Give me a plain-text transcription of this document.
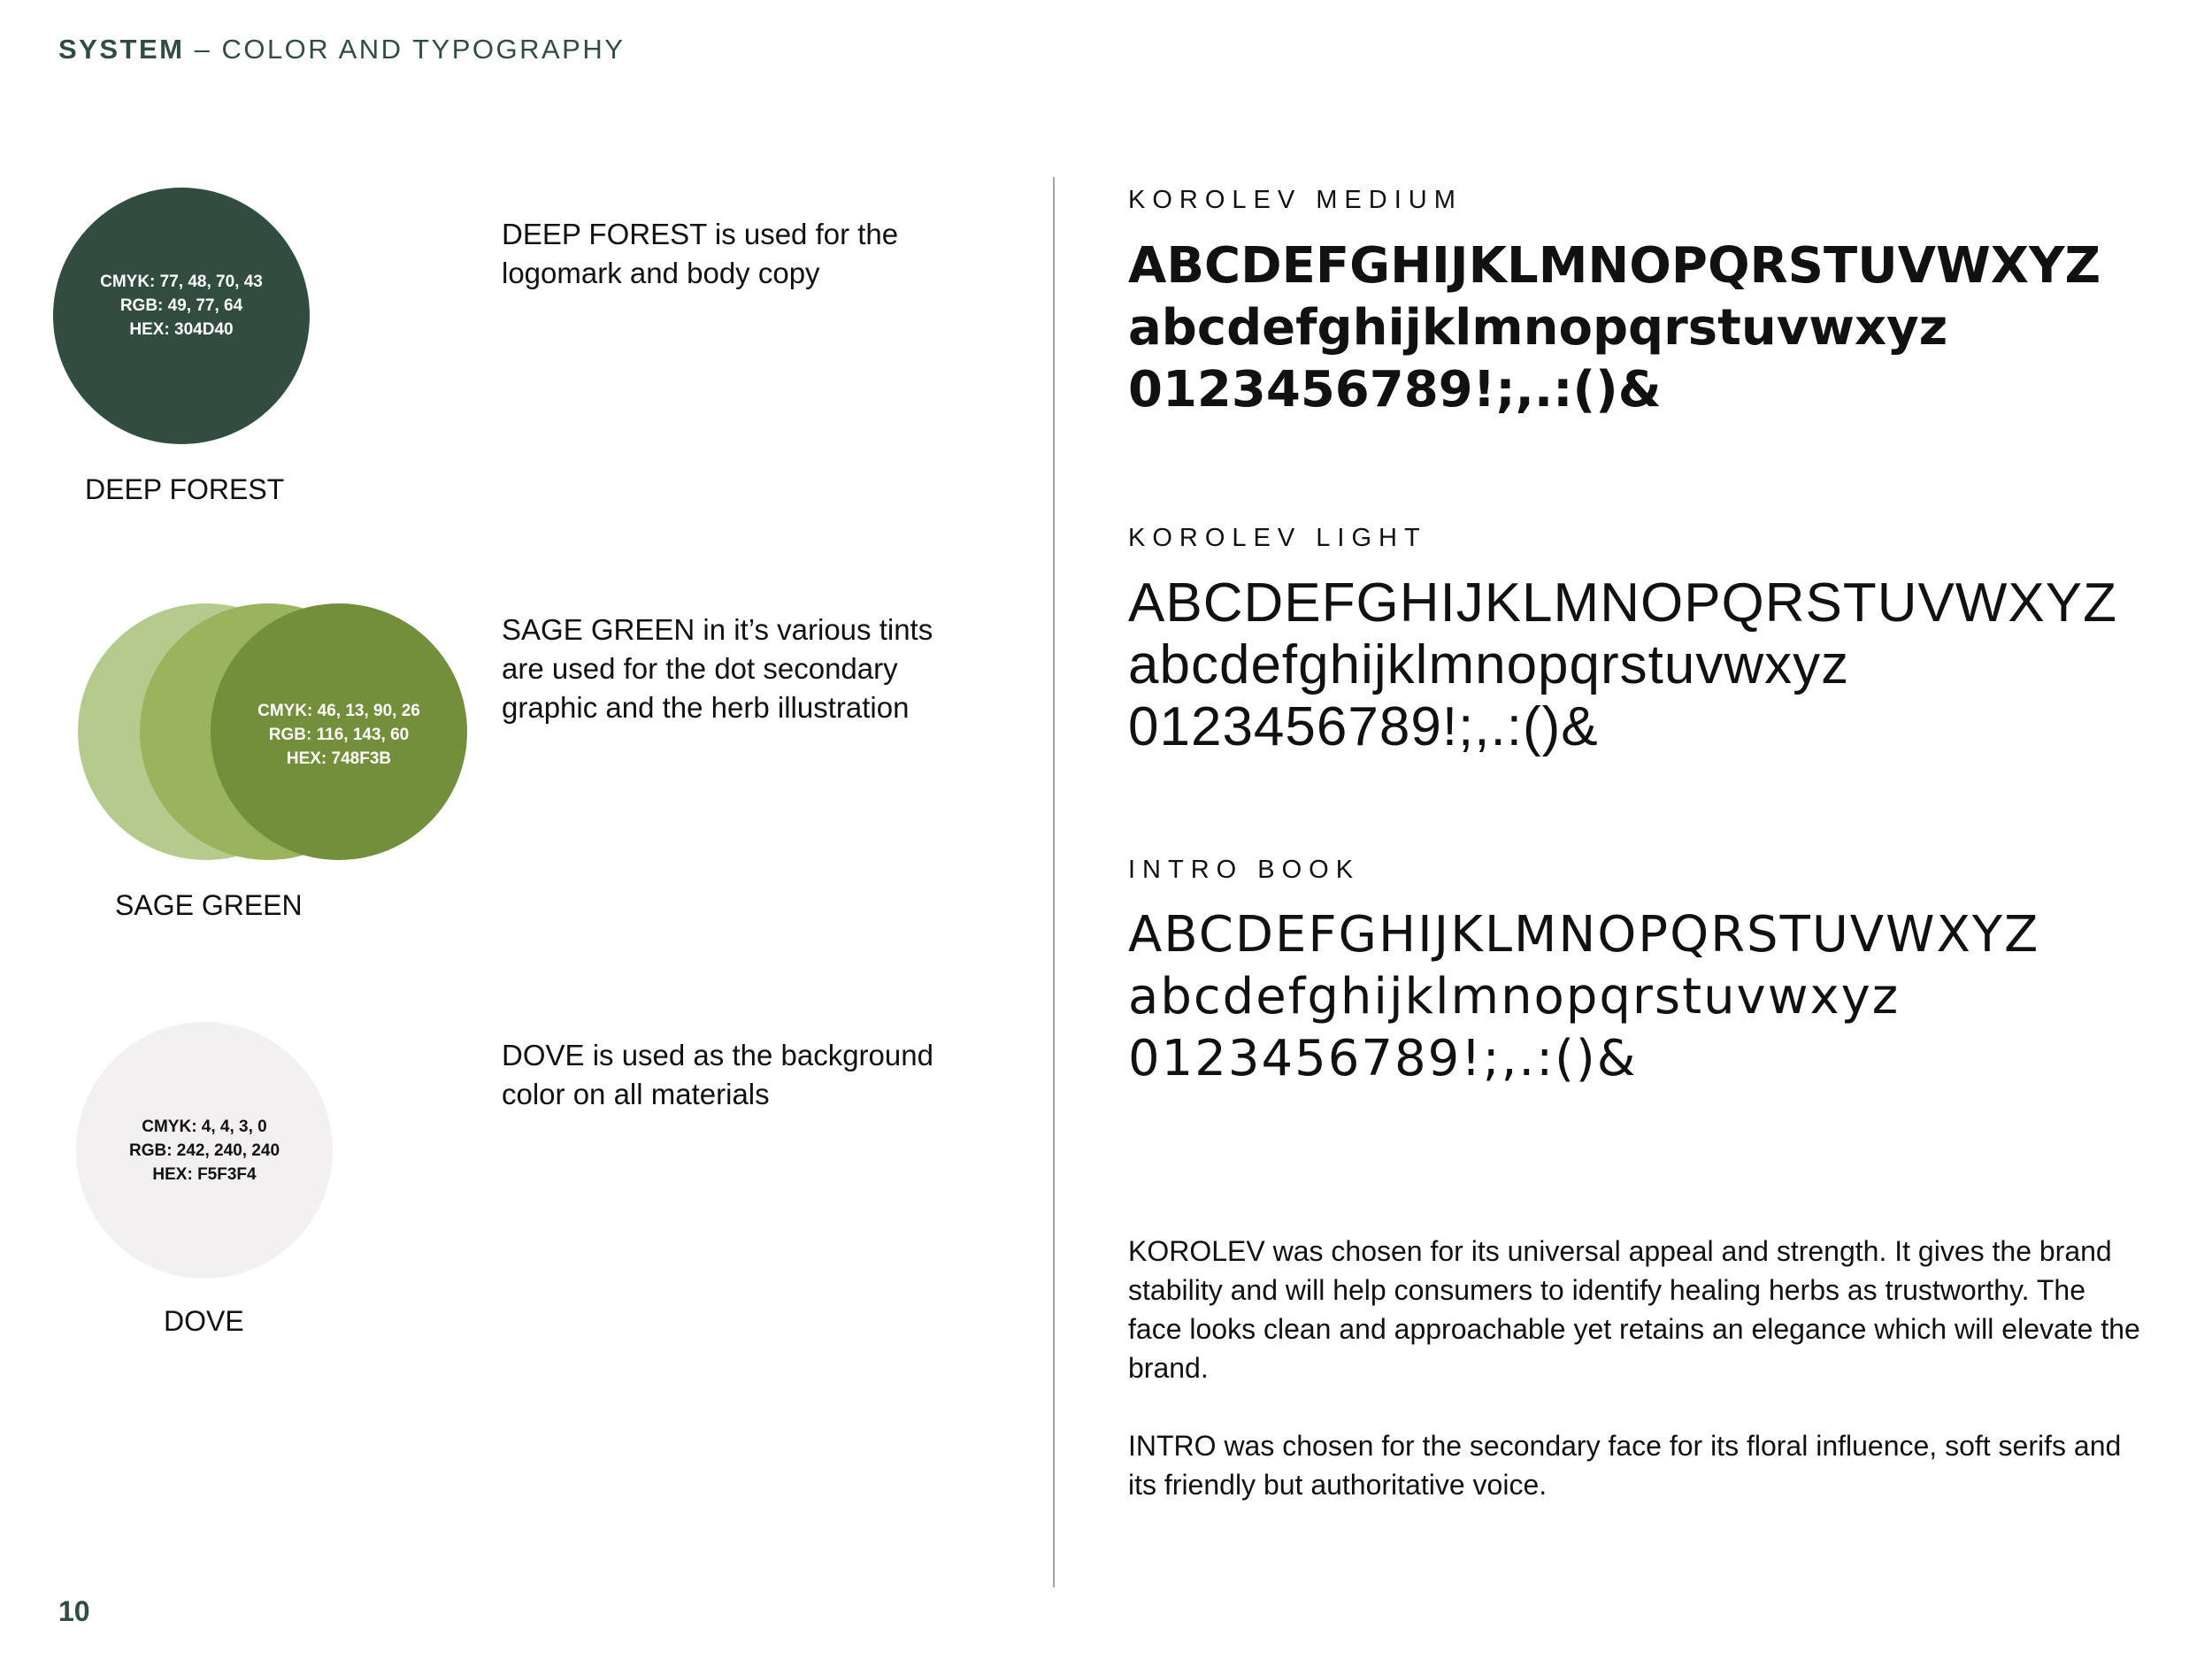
SYSTEM – COLOR AND TYPOGRAPHY
CMYK: 77, 48, 70, 43
RGB: 49, 77, 64
HEX: 304D40
DEEP FOREST
DEEP FOREST is used for the logomark and body copy
CMYK: 46, 13, 90, 26
RGB: 116, 143, 60
HEX: 748F3B
SAGE GREEN
SAGE GREEN in it’s various tints are used for the dot secondary graphic and the herb illustration
CMYK: 4, 4, 3, 0
RGB: 242, 240, 240
HEX: F5F3F4
DOVE
DOVE is used as the background color on all materials
KOROLEV MEDIUM
ABCDEFGHIJKLMNOPQRSTUVWXYZ
abcdefghijklmnopqrstuvwxyz
0123456789!;,.:()&
KOROLEV LIGHT
ABCDEFGHIJKLMNOPQRSTUVWXYZ
abcdefghijklmnopqrstuvwxyz
0123456789!;,.:()&
INTRO BOOK
ABCDEFGHIJKLMNOPQRSTUVWXYZ
abcdefghijklmnopqrstuvwxyz
0123456789!;,.:()&
KOROLEV was chosen for its universal appeal and strength. It gives the brand stability and will help consumers to identify healing herbs as trustworthy. The face looks clean and approachable yet retains an elegance which will elevate the brand.
INTRO was chosen for the secondary face for its floral influence, soft serifs and its friendly but authoritative voice.
10
